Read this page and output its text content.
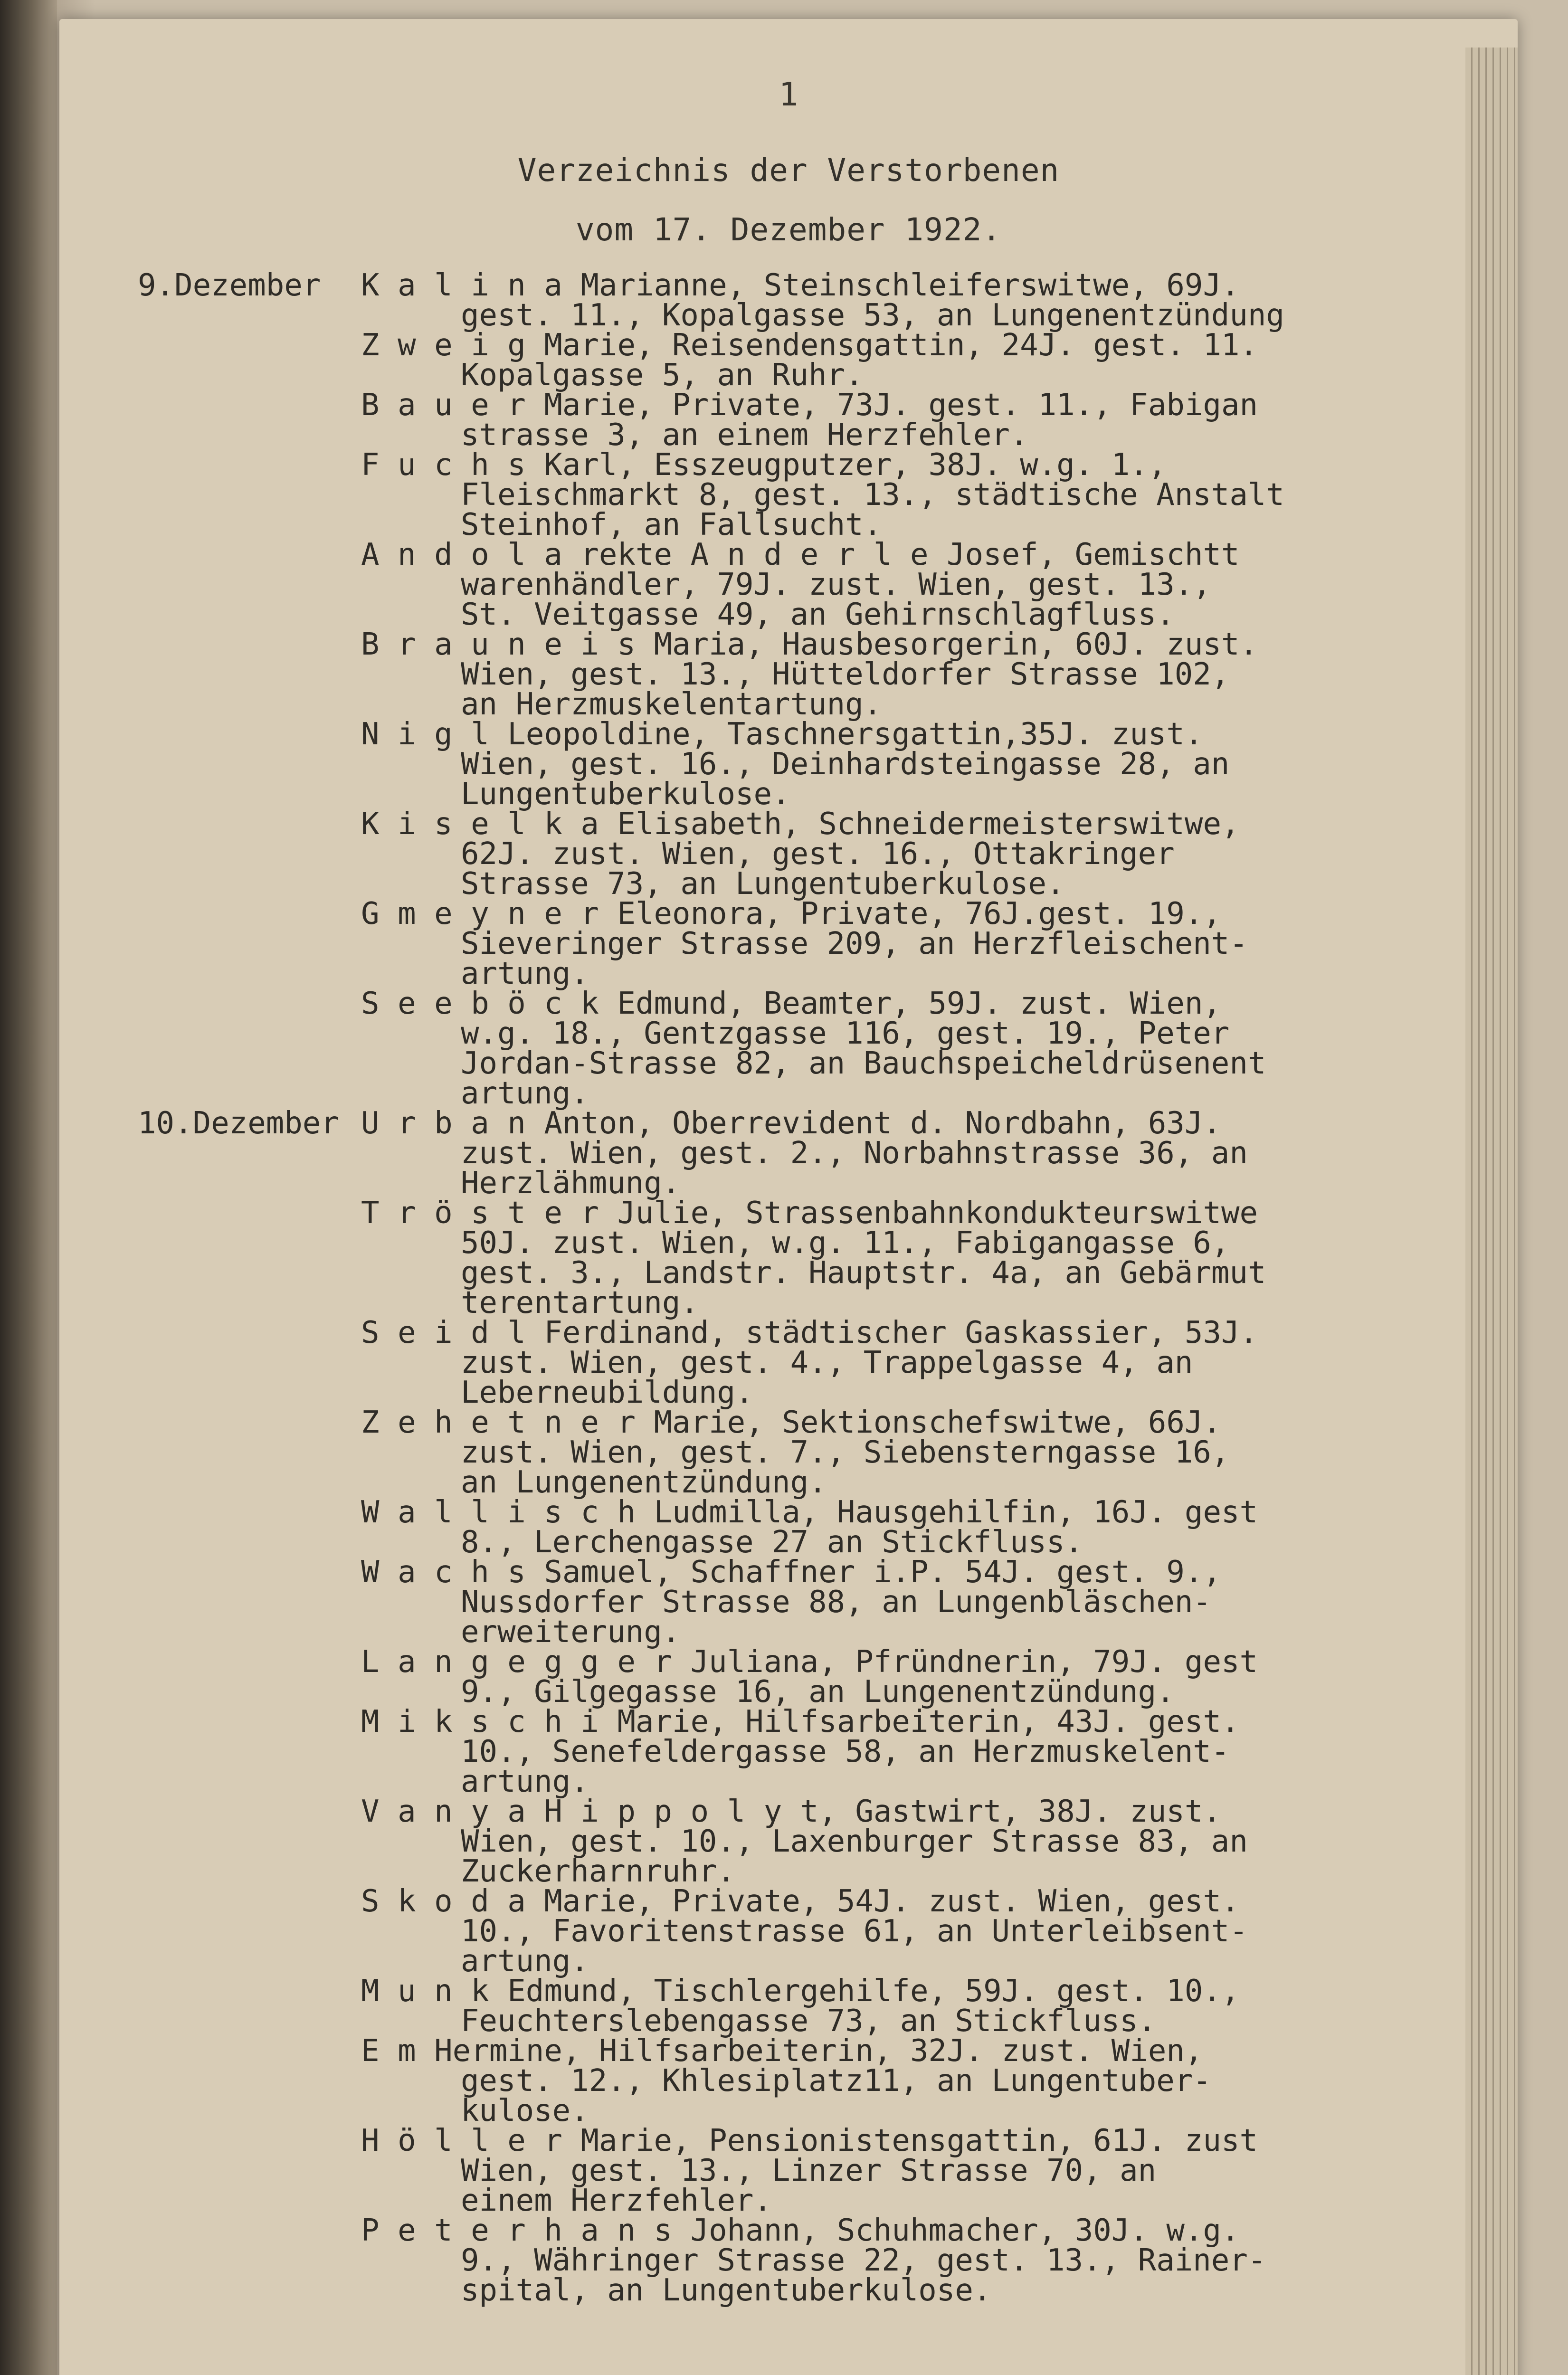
1
Verzeichnis der Verstorbenen
vom 17. Dezember 1922.
9.Dezember	K a l i n a Marianne, Steinschleiferswitwe, 69J.
gest. 11., Kopalgasse 53, an Lungenentzündung
Z w e i g Marie, Reisendensgattin, 24J. gest. 11.
Kopalgasse 5, an Ruhr.
B a u e r Marie, Private, 73J. gest. 11., Fabigan
strasse 3, an einem Herzfehler.
F u c h s Karl, Esszeugputzer, 38J. w.g. 1.,
Fleischmarkt 8, gest. 13., städtische Anstalt
Steinhof, an Fallsucht.
A n d o l a rekte A n d e r l e Josef, Gemischtt
warenhändler, 79J. zust. Wien, gest. 13.,
St. Veitgasse 49, an Gehirnschlagfluss.
B r a u n e i s Maria, Hausbesorgerin, 60J. zust.
Wien, gest. 13., Hütteldorfer Strasse 102,
an Herzmuskelentartung.
N i g l Leopoldine, Taschnersgattin,35J. zust.
Wien, gest. 16., Deinhardsteingasse 28, an
Lungentuberkulose.
K i s e l k a Elisabeth, Schneidermeisterswitwe,
62J. zust. Wien, gest. 16., Ottakringer
Strasse 73, an Lungentuberkulose.
G m e y n e r Eleonora, Private, 76J.gest. 19.,
Sieveringer Strasse 209, an Herzfleischent-
artung.
S e e b ö c k Edmund, Beamter, 59J. zust. Wien,
w.g. 18., Gentzgasse 116, gest. 19., Peter
Jordan-Strasse 82, an Bauchspeicheldrüsenent
artung.
10.Dezember U r b a n Anton, Oberrevident d. Nordbahn, 63J.
zust. Wien, gest. 2., Norbahnstrasse 36, an
Herzlähmung.
T r ö s t e r Julie, Strassenbahnkondukteurswitwe
50J. zust. Wien, w.g. 11., Fabigangasse 6,
gest. 3., Landstr. Hauptstr. 4a, an Gebärmut
terentartung.
S e i d l Ferdinand, städtischer Gaskassier, 53J.
zust. Wien, gest. 4., Trappelgasse 4, an
Leberneubildung.
Z e h e t n e r Marie, Sektionschefswitwe, 66J.
zust. Wien, gest. 7., Siebensterngasse 16,
an Lungenentzündung.
W a l l i s c h Ludmilla, Hausgehilfin, 16J. gest
8., Lerchengasse 27 an Stickfluss.
W a c h s Samuel, Schaffner i.P. 54J. gest. 9.,
Nussdorfer Strasse 88, an Lungenbläschen-
erweiterung.
L a n g e g g e r Juliana, Pfründnerin, 79J. gest
9., Gilgegasse 16, an Lungenentzündung.
M i k s c h i Marie, Hilfsarbeiterin, 43J. gest.
10., Senefeldergasse 58, an Herzmuskelent-
artung.
V a n y a H i p p o l y t, Gastwirt, 38J. zust.
Wien, gest. 10., Laxenburger Strasse 83, an
Zuckerharnruhr.
S k o d a Marie, Private, 54J. zust. Wien, gest.
10., Favoritenstrasse 61, an Unterleibsent-
artung.
M u n k Edmund, Tischlergehilfe, 59J. gest. 10.,
Feuchterslebengasse 73, an Stickfluss.
E m Hermine, Hilfsarbeiterin, 32J. zust. Wien,
gest. 12., Khlesiplatz11, an Lungentuber-
kulose.
H ö l l e r Marie, Pensionistensgattin, 61J. zust
Wien, gest. 13., Linzer Strasse 70, an
einem Herzfehler.
P e t e r h a n s Johann, Schuhmacher, 30J. w.g.
9., Währinger Strasse 22, gest. 13., Rainer-
spital, an Lungentuberkulose.
